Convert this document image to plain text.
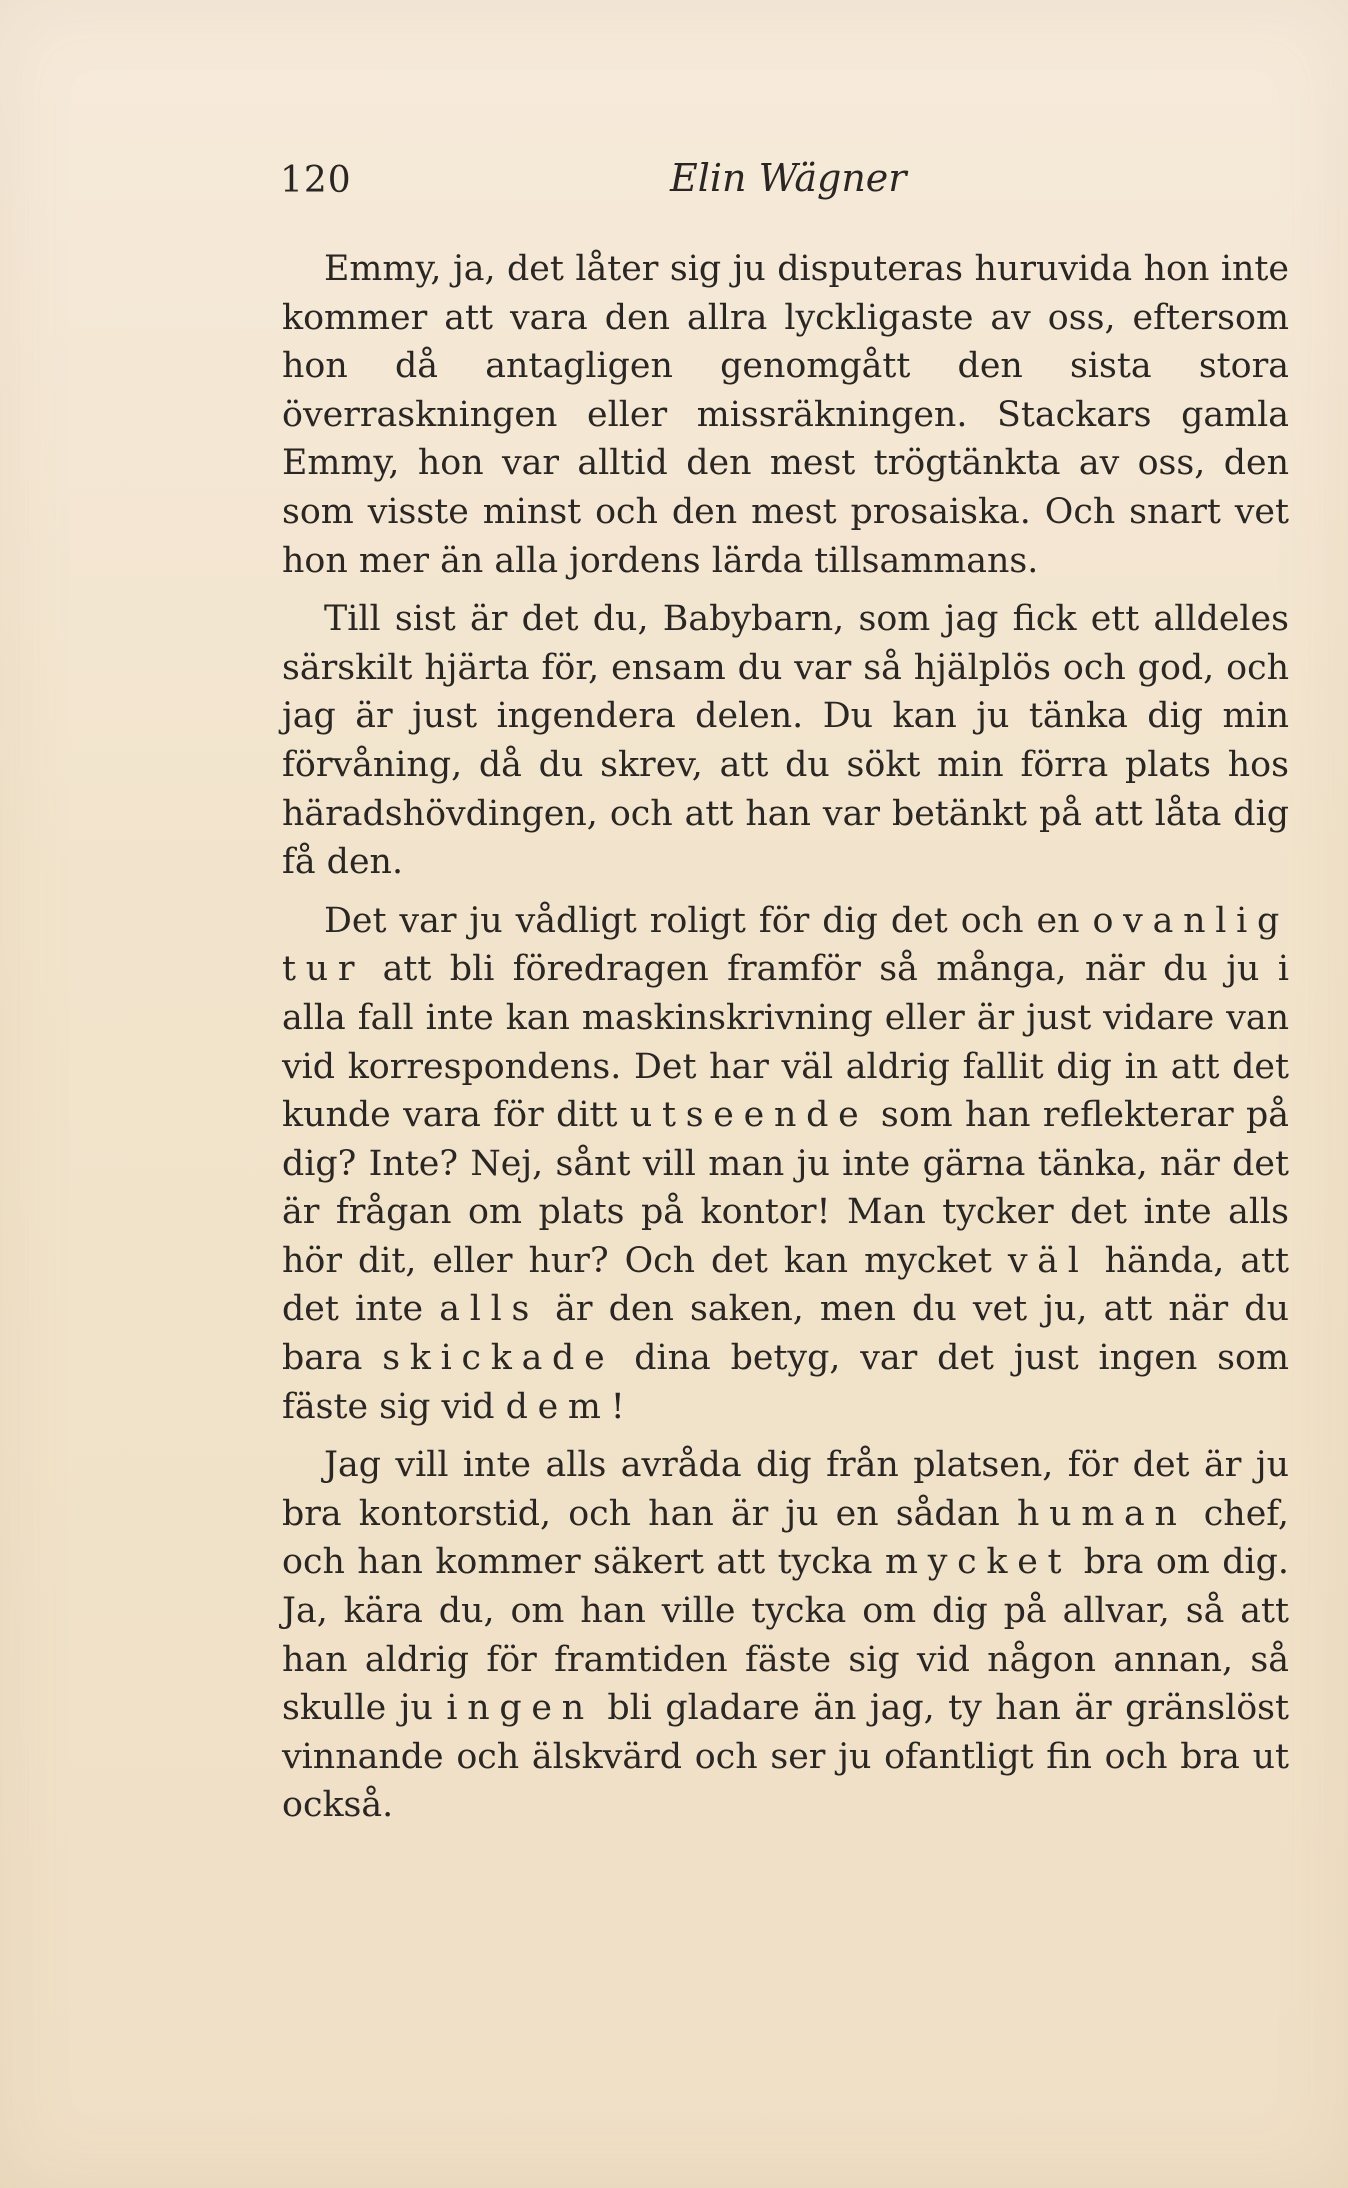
120	Elin Wägner

Emmy, ja, det låter sig ju disputeras huruvida hon inte kommer att vara den allra lyckligaste av oss, eftersom hon då antagligen genomgått den sista stora överraskningen eller missräkningen. Stackars gamla Emmy, hon var alltid den mest trögtänkta av oss, den som visste minst och den mest prosaiska. Och snart vet hon mer än alla jordens lärda tillsammans.

Till sist är det du, Babybarn, som jag fick ett alldeles särskilt hjärta för, ensam du var så hjälplös och god, och jag är just ingendera delen. Du kan ju tänka dig min förvåning, då du skrev, att du sökt min förra plats hos häradshövdingen, och att han var betänkt på att låta dig få den.

Det var ju vådligt roligt för dig det och en ovanlig tur att bli föredragen framför så många, när du ju i alla fall inte kan maskinskrivning eller är just vidare van vid korrespondens. Det har väl aldrig fallit dig in att det kunde vara för ditt utseende som han reflekterar på dig? Inte? Nej, sånt vill man ju inte gärna tänka, när det är frågan om plats på kontor! Man tycker det inte alls hör dit, eller hur? Och det kan mycket väl hända, att det inte alls är den saken, men du vet ju, att när du bara skickade dina betyg, var det just ingen som fäste sig vid dem!

Jag vill inte alls avråda dig från platsen, för det är ju bra kontorstid, och han är ju en sådan human chef, och han kommer säkert att tycka mycket bra om dig. Ja, kära du, om han ville tycka om dig på allvar, så att han aldrig för framtiden fäste sig vid någon annan, så skulle ju ingen bli gladare än jag, ty han är gränslöst vinnande och älskvärd och ser ju ofantligt fin och bra ut också.
